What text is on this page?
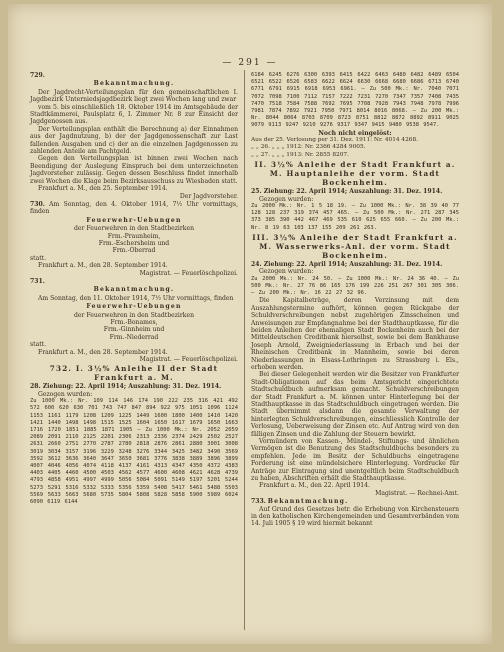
— 291 —

729.

Bekanntmachung.

Der Jagdrecht-Verteilungsplan für den gemeinschaftlichen I. Jagdbezirk Unterniedsjagdbezirk liegt zwei Wochen lang und zwar

vom 5. bis einschließlich 18. Oktober 1914 im Amtsgebäude der Stadtkämmerei, Paulsplatz 6, I. Zimmer Nr. 8 zur Einsicht der Jagdgenossen aus.

Der Verteilungsplan enthält die Berechnung a) der Einnahmen aus der Jagdnutzung, b) der der Jagdgenossenschaft zur Last fallenden Ausgaben und c) der an die einzelnen Jagdgenossen zu zahlenden Anteile am Pachtgeld.

Gegen den Verteilungsplan ist binnen zwei Wochen nach Beendigung der Auslegung Einspruch bei dem unterzeichneten Jagdvorsteher zulässig. Gegen dessen Beschluss findet innerhalb zwei Wochen die Klage beim Bezirksausschuss zu Wiesbaden statt.

Frankfurt a. M., den 25. September 1914.

Der Jagdvorsteher.

730. Am Sonntag, den 4. Oktober 1914, 7½ Uhr vormittags, finden

Feuerwehr-Uebungen

der Feuerwehren in den Stadtbezirken

Frm.-Praunheim,

Frm.-Eschersheim und

Frm.-Oberrad

statt.

Frankfurt a. M., den 28. September 1914.

Magistrat. — Feuerlöschpolizei.

731.

Bekanntmachung.

Am Sonntag, den 11. Oktober 1914, 7½ Uhr vormittags, finden

Feuerwehr-Uebungen

der Feuerwehren in den Stadtbezirken

Frm.-Bonames,

Frm.-Ginnheim und

Frm.-Niederrad

statt.

Frankfurt a. M., den 28. September 1914.

Magistrat. — Feuerlöschpolizei.

732. I. 3½% Anleihe II der Stadt Frankfurt a. M.

28. Ziehung: 22. April 1914; Auszahlung: 31. Dez. 1914.

Gezogen wurden:

Zu 1000 Mk.: Nr. 109 114 146 174 190 222 235 316 421 492 572 600 620 630 701 743 747 847 894 922 975 1051 1096 1124 1153 1161 1179 1208 1209 1225 1449 1600 1800 1400 1410 1420 1421 1440 1498 1498 1515 1525 1604 1650 1617 1679 1650 1663 1716 1720 1851 1885 1871 1905 — Zu 1000 Mk.: Nr. 2052 2059 2089 2091 2110 2125 2201 2306 2313 2336 2374 2429 2502 2527 2631 2660 2751 2770 2787 2780 2818 2876 2861 2880 3001 3008 3019 3034 3157 3196 3229 3248 3276 3344 3425 3482 3490 3569 3592 3612 3636 3640 3647 3650 3681 3776 3838 3889 3896 3899 4007 4046 4056 4074 4118 4137 4161 4313 4347 4350 4372 4383 4403 4405 4460 4500 4503 4562 4577 4600 4608 4621 4628 4739 4793 4858 4951 4997 4999 5056 5084 5091 5149 5197 5201 5244 5273 5291 5316 5332 5333 5356 5359 5408 5417 5461 5488 5503 5569 5633 5663 5680 5735 5804 5808 5828 5858 5900 5989 6024 6090 6119 6144

6184 6245 6276 6300 6393 6415 6422 6463 6480 6482 6489 6504 6521 6522 6526 6583 6622 6624 6630 6668 6680 6686 6713 6740 6771 6791 6915 6918 6953 6961. — Zu 500 Mk.: Nr. 7040 7071 7072 7098 7100 7112 7157 7222 7231 7270 7347 7357 7408 7435 7470 7518 7584 7588 7692 7695 7708 7928 7943 7948 7978 7996 7981 7874 7892 7921 7950 7971 8014 8016 8068. — Zu 200 Mk.: Nr. 8044 8064 8703 8709 8723 8751 8812 8872 8892 8911 9025 9079 9113 9247 9210 9276 9317 9347 9415 9480 9538 9547.

Noch nicht eingelöst:

Aus der 25. Verlosung per 31. Dez. 1911: Nr. 4014 4268.

„ „ 26. „ „ „ 1912: Nr. 2366 4284 9005.

„ „ 27. „ „ „ 1913: Nr. 2855 8207.

II. 3½% Anleihe der Stadt Frankfurt a. M. Hauptanleihe der vorm. Stadt Bockenheim.

25. Ziehung: 22. April 1914; Auszahlung: 31. Dez. 1914.

Gezogen wurden:

Zu 2000 Mk.: Nr. 1 5 18 19. — Zu 1000 Mk.: Nr. 38 39 40 77 128 128 237 319 374 457 465. — Zu 500 Mk.: Nr. 271 287 345 373 385 390 442 467 469 535 610 625 655 660. — Zu 200 Mk.: Nr. 8 19 63 103 137 155 209 261 263.

III. 3½% Anleihe der Stadt Frankfurt a. M. Wasserwerks-Anl. der vorm. Stadt Bockenheim.

24. Ziehung: 22. April 1914; Auszahlung: 31. Dez. 1914.

Gezogen wurden:

Zu 2000 Mk.: Nr. 24 50. — Zu 1000 Mk.: Nr. 24 36 40. — Zu 500 Mk.: Nr. 27 76 86 165 176 199 226 251 267 301 305 306. — Zu 200 Mk.: Nr. 16 22 27 32 96.

Die Kapitalbeträge, deren Verzinsung mit dem Auszahlungstermine aufhört, können gegen Rückgabe der Schuldverschreibungen nebst zugehörigen Zinsscheinen und Anweisungen zur Empfangnahme bei der Stadthauptkasse, für die beiden Anleihen der ehemaligen Stadt Bockenheim auch bei der Mitteldeutschen Creditbank hierselbst, sowie bei dem Bankhause Joseph Arnold, Zweigniederlassung in Erbach und bei der Rheinischen Creditbank in Mannheim, sowie bei deren Niederlassungen in Elsass-Lothringen zu Strassburg i. Els., erhoben werden.

Bei dieser Gelegenheit werden wir die Besitzer von Frankfurter Stadt-Obligationen auf das beim Amtsgericht eingerichtete Stadtschuldbuch aufmerksam gemacht. Schuldverschreibungen der Stadt Frankfurt a. M. können unter Hinterlegung bei der Stadthauptkasse in das Stadtschuldbuch eingetragen werden. Die Stadt übernimmt alsdann die gesamte Verwaltung der hinterlegten Schuldverschreibungen, einschliesslich Kontrolle der Verlosung, Ueberweisung der Zinsen etc. Auf Antrag wird von den fälligen Zinsen und die Zahlung der Steuern bewirkt.

Vormündern von Kassen-, Mündel-, Stiftungs- und ähnlichen Vermögen ist die Benutzung des Stadtschuldbuchs besonders zu empfehlen. Jede im Besitz der Schuldbuchs eingetragene Forderung ist eine mündelsichere Hinterlegung. Vordrucke für Anträge zur Eintragung sind unentgeltlich beim Stadtschuldbuch zu haben, Abschriften erhält die Stadthauptkasse.

Frankfurt a. M., den 22. April 1914.

Magistrat. — Rechnei-Amt.

733. Bekanntmachung.

Auf Grund des Gesetzes betr. die Erhebung von Kirchensteuern in den katholischen Kirchengemeinden und Gesamtverbänden vom 14. Juli 1905 § 19 wird hiermit bekannt
